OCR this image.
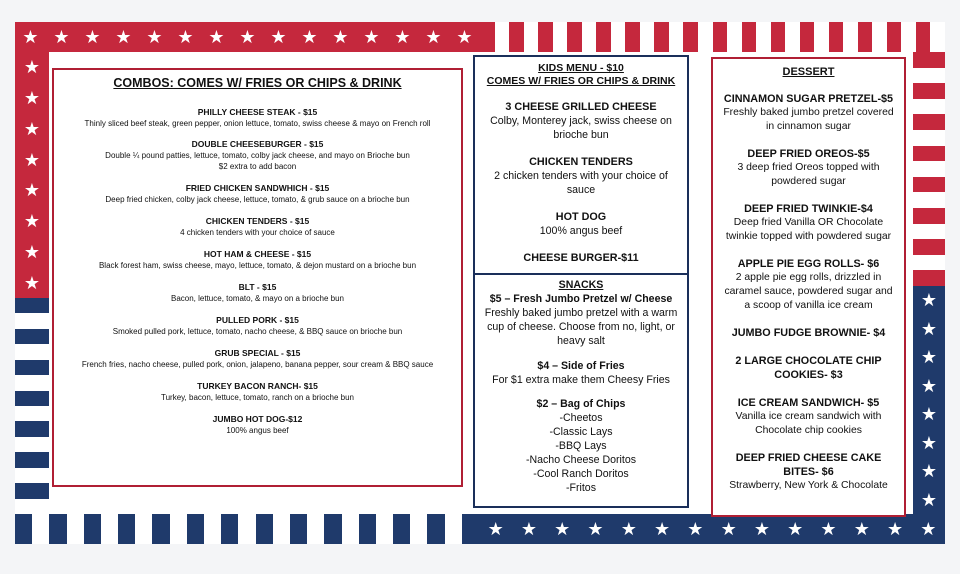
★ ★ ★ ★ ★ ★ ★ ★ ★ ★ ★ ★ ★ ★ ★
★
★
★
★
★
★
★
★
★ ★ ★ ★ ★ ★ ★ ★ ★ ★ ★ ★ ★ ★
★
★
★
★
★
★
★
★
COMBOS: COMES W/ FRIES OR CHIPS & DRINK
PHILLY CHEESE STEAK - $15
Thinly sliced beef steak, green pepper, onion lettuce, tomato, swiss cheese & mayo on French roll
DOUBLE CHEESEBURGER - $15
Double ¼ pound patties, lettuce, tomato, colby jack cheese, and mayo on Brioche bun
$2 extra to add bacon
FRIED CHICKEN SANDWHICH - $15
Deep fried chicken, colby jack cheese, lettuce, tomato, & grub sauce on a brioche bun
CHICKEN TENDERS - $15
4 chicken tenders with your choice of sauce
HOT HAM & CHEESE - $15
Black forest ham, swiss cheese, mayo, lettuce, tomato, & dejon mustard on a brioche bun
BLT - $15
Bacon, lettuce, tomato, & mayo on a brioche bun
PULLED PORK - $15
Smoked pulled pork, lettuce, tomato, nacho cheese, & BBQ sauce on brioche bun
GRUB SPECIAL - $15
French fries, nacho cheese, pulled pork, onion, jalapeno, banana pepper, sour cream & BBQ sauce
TURKEY BACON RANCH- $15
Turkey, bacon, lettuce, tomato, ranch on a brioche bun
JUMBO HOT DOG-$12
100% angus beef
KIDS MENU - $10
COMES W/ FRIES OR CHIPS & DRINK
3 CHEESE GRILLED CHEESE
Colby, Monterey jack, swiss cheese on brioche bun
CHICKEN TENDERS
2 chicken tenders with your choice of sauce
HOT DOG
100% angus beef
CHEESE BURGER-$11
SNACKS
$5 – Fresh Jumbo Pretzel w/ Cheese
Freshly baked jumbo pretzel with a warm cup of cheese. Choose from no, light, or heavy salt
$4 – Side of Fries
For $1 extra make them Cheesy Fries
$2 – Bag of Chips
-Cheetos
-Classic Lays
-BBQ Lays
-Nacho Cheese Doritos
-Cool Ranch Doritos
-Fritos
DESSERT
CINNAMON SUGAR PRETZEL-$5
Freshly baked jumbo pretzel covered in cinnamon sugar
DEEP FRIED OREOS-$5
3 deep fried Oreos topped with powdered sugar
DEEP FRIED TWINKIE-$4
Deep fried Vanilla OR Chocolate twinkie topped with powdered sugar
APPLE PIE EGG ROLLS- $6
2 apple pie egg rolls, drizzled in caramel sauce, powdered sugar and a scoop of vanilla ice cream
JUMBO FUDGE BROWNIE- $4
2 LARGE CHOCOLATE CHIP COOKIES- $3
ICE CREAM SANDWICH- $5
Vanilla ice cream sandwich with Chocolate chip cookies
DEEP FRIED CHEESE CAKE BITES- $6
Strawberry, New York & Chocolate
